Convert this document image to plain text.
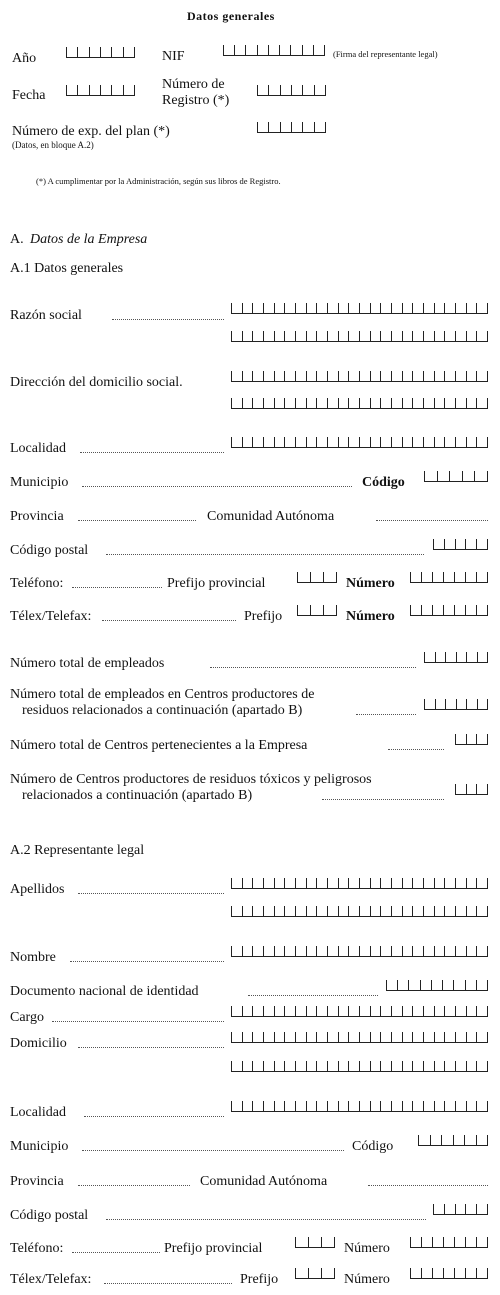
Datos generales
Año	NIF	(Firma del representante legal)
Fecha
Número de
Registro (*)
Número de exp. del plan (*)
(Datos, en bloque A.2)
(*) A cumplimentar por la Administración, según sus libros de Registro.
A. Datos de la Empresa
A.1 Datos generales
Razón social
Dirección del domicilio social.
Localidad
Municipio	Código
Provincia	Comunidad Autónoma
Código postal
Teléfono:	Prefijo provincial	Número
Télex/Telefax:	Prefijo	Número
Número total de empleados
Número total de empleados en Centros productores de
residuos relacionados a continuación (apartado B)
Número total de Centros pertenecientes a la Empresa
Número de Centros productores de residuos tóxicos y peligrosos
relacionados a continuación (apartado B)
A.2 Representante legal
Apellidos
Nombre
Documento nacional de identidad
Cargo
Domicilio
Localidad
Municipio	Código
Provincia	Comunidad Autónoma
Código postal
Teléfono:	Prefijo provincial	Número
Télex/Telefax:	Prefijo	Número
